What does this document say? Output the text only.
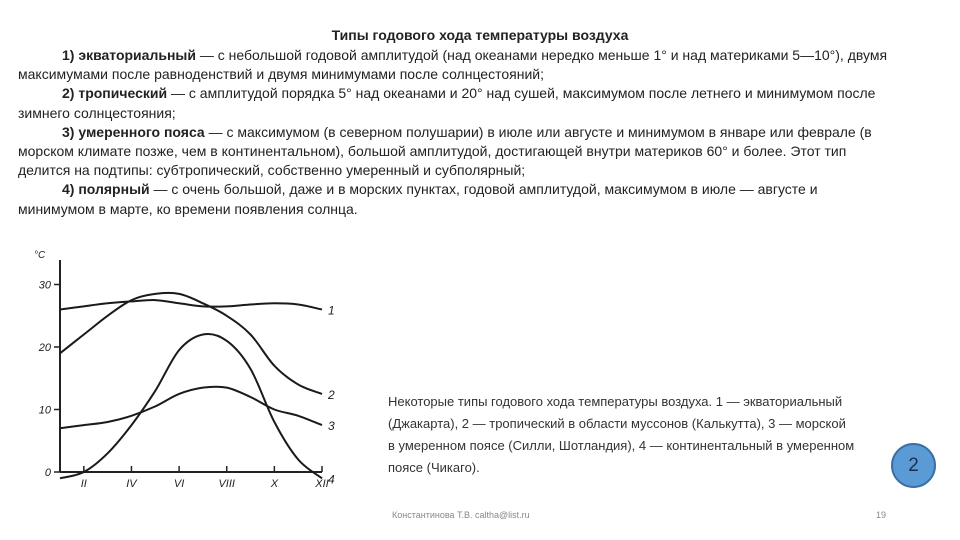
Типы годового хода температуры воздуха

1) экваториальный — с небольшой годовой амплитудой (над океанами нередко меньше 1° и над материками 5—10°), двумя максимумами после равноденствий и двумя минимумами после солнцестояний;

2) тропический — с амплитудой порядка 5° над океанами и 20° над сушей, максимумом после летнего и минимумом после зимнего солнцестояния;

3) умеренного пояса — с максимумом (в северном полушарии) в июле или августе и минимумом в январе или феврале (в морском климате позже, чем в континентальном), большой амплитудой, достигающей внутри материков 60° и более. Этот тип делится на подтипы: субтропический, собственно умеренный и субполярный;

4) полярный — с очень большой, даже и в морских пунктах, годовой амплитудой, максимумом в июле — августе и минимумом в марте, ко времени появления солнца.

°C
30
20
10
0
II	IV	VI	VIII	X	XII
1
2
3
4
Некоторые типы годового хода температуры воздуха. 1 — экваториальный (Джакарта), 2 — тропический в области муссонов (Калькутта), 3 — морской в умеренном поясе (Силли, Шотландия), 4 — континентальный в умеренном поясе (Чикаго).
Константинова Т.В. caltha@list.ru	19
2
